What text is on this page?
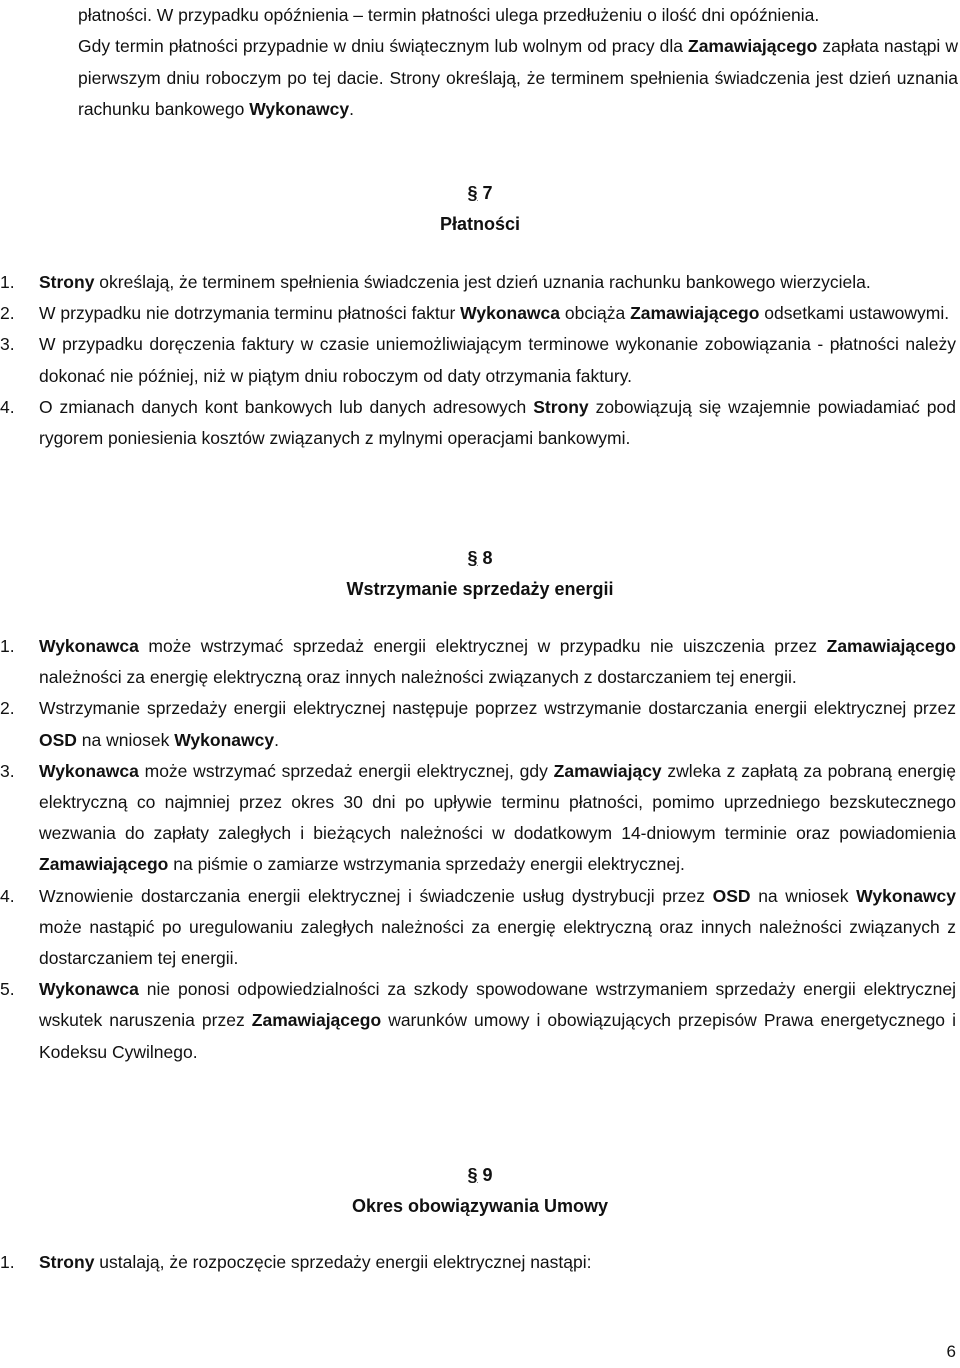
płatności. W przypadku opóźnienia – termin płatności ulega przedłużeniu o ilość dni opóźnienia.
Gdy termin płatności przypadnie w dniu świątecznym lub wolnym od pracy dla Zamawiającego zapłata nastąpi w pierwszym dniu roboczym po tej dacie. Strony określają, że terminem spełnienia świadczenia jest dzień uznania rachunku bankowego Wykonawcy.
§ 7
Płatności
1. Strony określają, że terminem spełnienia świadczenia jest dzień uznania rachunku bankowego wierzyciela.
2. W przypadku nie dotrzymania terminu płatności faktur Wykonawca obciąża Zamawiającego odsetkami ustawowymi.
3. W przypadku doręczenia faktury w czasie uniemożliwiającym terminowe wykonanie zobowiązania - płatności należy dokonać nie później, niż w piątym dniu roboczym od daty otrzymania faktury.
4. O zmianach danych kont bankowych lub danych adresowych Strony zobowiązują się wzajemnie powiadamiać pod rygorem poniesienia kosztów związanych z mylnymi operacjami bankowymi.
§ 8
Wstrzymanie sprzedaży energii
1. Wykonawca może wstrzymać sprzedaż energii elektrycznej w przypadku nie uiszczenia przez Zamawiającego należności za energię elektryczną oraz innych należności związanych z dostarczaniem tej energii.
2. Wstrzymanie sprzedaży energii elektrycznej następuje poprzez wstrzymanie dostarczania energii elektrycznej przez OSD na wniosek Wykonawcy.
3. Wykonawca może wstrzymać sprzedaż energii elektrycznej, gdy Zamawiający zwleka z zapłatą za pobraną energię elektryczną co najmniej przez okres 30 dni po upływie terminu płatności, pomimo uprzedniego bezskutecznego wezwania do zapłaty zaległych i bieżących należności w dodatkowym 14-dniowym terminie oraz powiadomienia Zamawiającego na piśmie o zamiarze wstrzymania sprzedaży energii elektrycznej.
4. Wznowienie dostarczania energii elektrycznej i świadczenie usług dystrybucji przez OSD na wniosek Wykonawcy może nastąpić po uregulowaniu zaległych należności za energię elektryczną oraz innych należności związanych z dostarczaniem tej energii.
5. Wykonawca nie ponosi odpowiedzialności za szkody spowodowane wstrzymaniem sprzedaży energii elektrycznej wskutek naruszenia przez Zamawiającego warunków umowy i obowiązujących przepisów Prawa energetycznego i Kodeksu Cywilnego.
§ 9
Okres obowiązywania Umowy
1. Strony ustalają, że rozpoczęcie sprzedaży energii elektrycznej nastąpi:
6
